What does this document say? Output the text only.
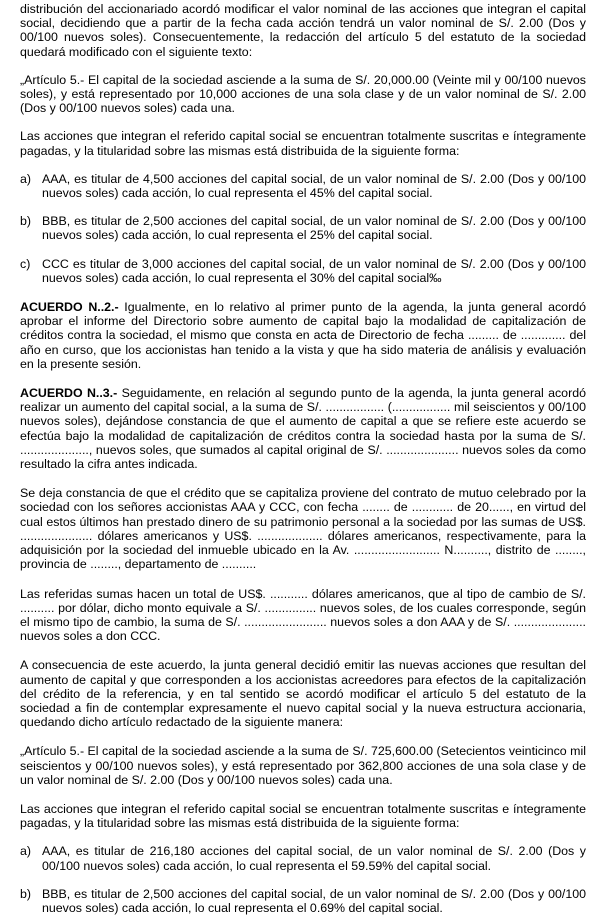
distribución del accionariado acordó modificar el valor nominal de las acciones que integran el capital social, decidiendo que a partir de la fecha cada acción tendrá un valor nominal de S/. 2.00 (Dos y 00/100 nuevos soles). Consecuentemente, la redacción del artículo 5 del estatuto de la sociedad quedará modificado con el siguiente texto:

„Artículo 5.- El capital de la sociedad asciende a la suma de S/. 20,000.00 (Veinte mil y 00/100 nuevos soles), y está representado por 10,000 acciones de una sola clase y de un valor nominal de S/. 2.00 (Dos y 00/100 nuevos soles) cada una.

Las acciones que integran el referido capital social se encuentran totalmente suscritas e íntegramente pagadas, y la titularidad sobre las mismas está distribuida de la siguiente forma:

a) AAA, es titular de 4,500 acciones del capital social, de un valor nominal de S/. 2.00 (Dos y 00/100 nuevos soles) cada acción, lo cual representa el 45% del capital social.
b) BBB, es titular de 2,500 acciones del capital social, de un valor nominal de S/. 2.00 (Dos y 00/100 nuevos soles) cada acción, lo cual representa el 25% del capital social.
c) CCC es titular de 3,000 acciones del capital social, de un valor nominal de S/. 2.00 (Dos y 00/100 nuevos soles) cada acción, lo cual representa el 30% del capital social‰

ACUERDO N..2.- Igualmente, en lo relativo al primer punto de la agenda, la junta general acordó aprobar el informe del Directorio sobre aumento de capital bajo la modalidad de capitalización de créditos contra la sociedad, el mismo que consta en acta de Directorio de fecha ......... de ............. del año en curso, que los accionistas han tenido a la vista y que ha sido materia de análisis y evaluación en la presente sesión.

ACUERDO N..3.- Seguidamente, en relación al segundo punto de la agenda, la junta general acordó realizar un aumento del capital social, a la suma de S/. ................. (................. mil seiscientos y 00/100 nuevos soles), dejándose constancia de que el aumento de capital a que se refiere este acuerdo se efectúa bajo la modalidad de capitalización de créditos contra la sociedad hasta por la suma de S/. ...................., nuevos soles, que sumados al capital original de S/. ..................... nuevos soles da como resultado la cifra antes indicada.

Se deja constancia de que el crédito que se capitaliza proviene del contrato de mutuo celebrado por la sociedad con los señores accionistas AAA y CCC, con fecha ........ de ............ de 20......, en virtud del cual estos últimos han prestado dinero de su patrimonio personal a la sociedad por las sumas de US$. ..................... dólares americanos y US$. ................... dólares americanos, respectivamente, para la adquisición por la sociedad del inmueble ubicado en la Av. ......................... N.........., distrito de ........, provincia de ........, departamento de ..........

Las referidas sumas hacen un total de US$. ........... dólares americanos, que al tipo de cambio de S/. .......... por dólar, dicho monto equivale a S/. ............... nuevos soles, de los cuales corresponde, según el mismo tipo de cambio, la suma de S/. ........................ nuevos soles a don AAA y de S/. ..................... nuevos soles a don CCC.

A consecuencia de este acuerdo, la junta general decidió emitir las nuevas acciones que resultan del aumento de capital y que corresponden a los accionistas acreedores para efectos de la capitalización del crédito de la referencia, y en tal sentido se acordó modificar el artículo 5 del estatuto de la sociedad a fin de contemplar expresamente el nuevo capital social y la nueva estructura accionaria, quedando dicho artículo redactado de la siguiente manera:

„Artículo 5.- El capital de la sociedad asciende a la suma de S/. 725,600.00 (Setecientos veinticinco mil seiscientos y 00/100 nuevos soles), y está representado por 362,800 acciones de una sola clase y de un valor nominal de S/. 2.00 (Dos y 00/100 nuevos soles) cada una.

Las acciones que integran el referido capital social se encuentran totalmente suscritas e íntegramente pagadas, y la titularidad sobre las mismas está distribuida de la siguiente forma:

a) AAA, es titular de 216,180 acciones del capital social, de un valor nominal de S/. 2.00 (Dos y 00/100 nuevos soles) cada acción, lo cual representa el 59.59% del capital social.
b) BBB, es titular de 2,500 acciones del capital social, de un valor nominal de S/. 2.00 (Dos y 00/100 nuevos soles) cada acción, lo cual representa el 0.69% del capital social.
